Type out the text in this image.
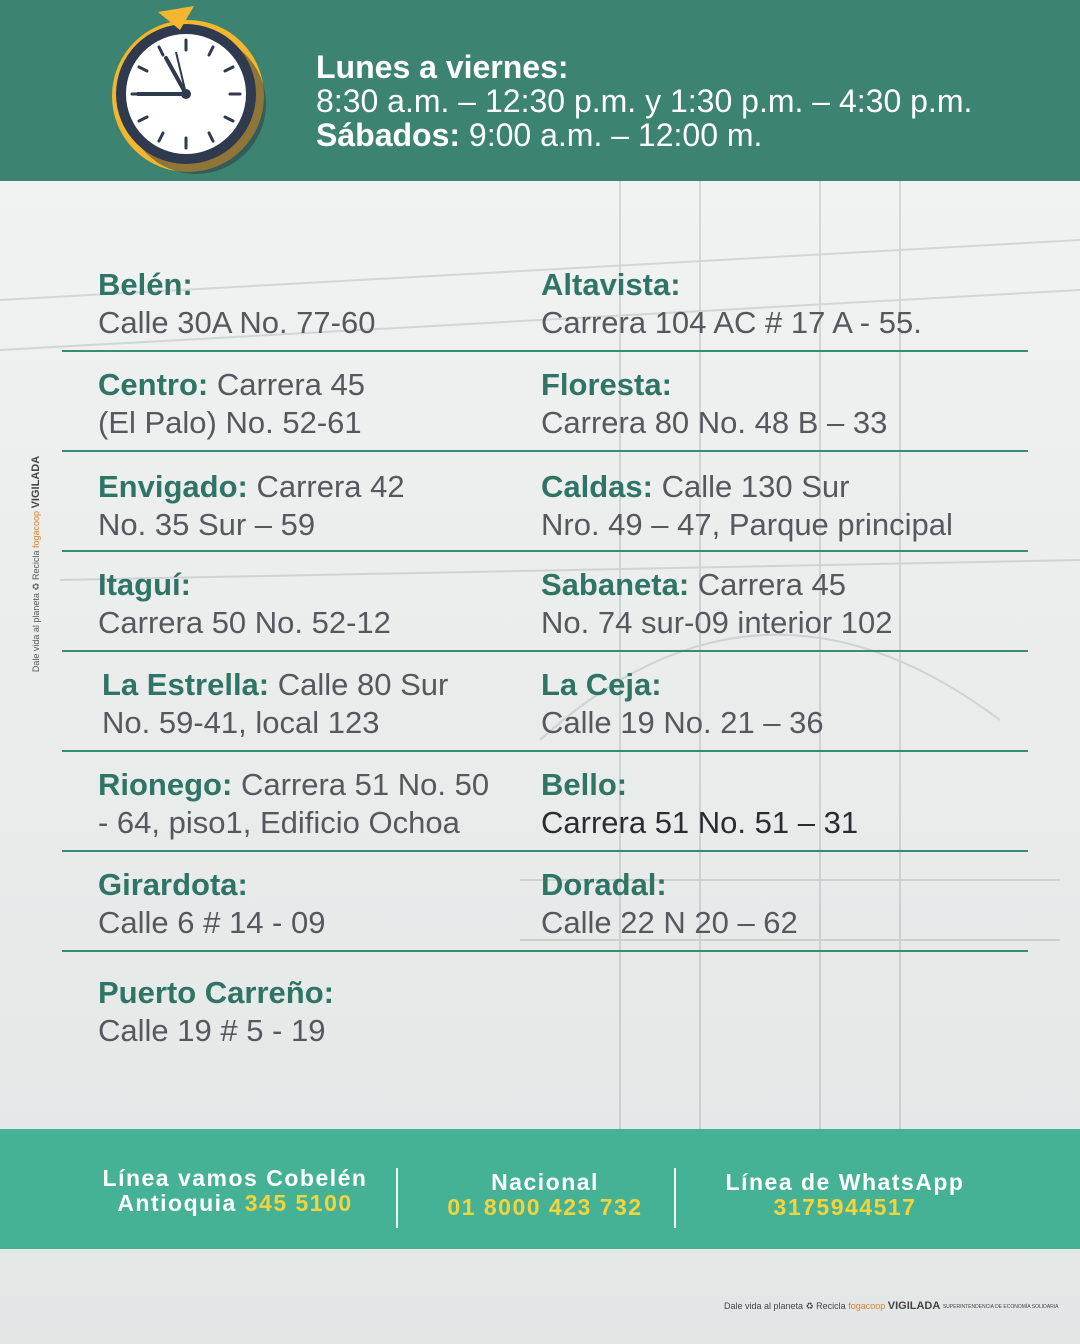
Lunes a viernes:
8:30 a.m. – 12:30 p.m. y 1:30 p.m. – 4:30 p.m.
Sábados: 9:00 a.m. – 12:00 m.
Dale vida al planeta ♻ Recicla fogacoop VIGILADA
Belén:
Calle 30A No. 77-60
Centro: Carrera 45
(El Palo) No. 52-61
Envigado: Carrera 42
No. 35 Sur – 59
Itaguí:
Carrera 50 No. 52-12
La Estrella: Calle 80 Sur
No. 59-41, local 123
Rionego: Carrera 51 No. 50
- 64, piso1, Edificio Ochoa
Girardota:
Calle 6 # 14 - 09
Puerto Carreño:
Calle 19 # 5 - 19
Altavista:
Carrera 104 AC # 17 A - 55.
Floresta:
Carrera 80 No. 48 B – 33
Caldas: Calle 130 Sur
Nro. 49 – 47, Parque principal
Sabaneta: Carrera 45
No. 74 sur-09 interior 102
La Ceja:
Calle 19 No. 21 – 36
Bello:
Carrera 51 No. 51 – 31
Doradal:
Calle 22 N 20 – 62
Línea vamos Cobelén
Antioquia 345 5100
Nacional
01 8000 423 732
Línea de WhatsApp
3175944517
Dale vida al planeta ♻ Recicla fogacoop VIGILADA SUPERINTENDENCIA DE ECONOMÍA SOLIDARIA
